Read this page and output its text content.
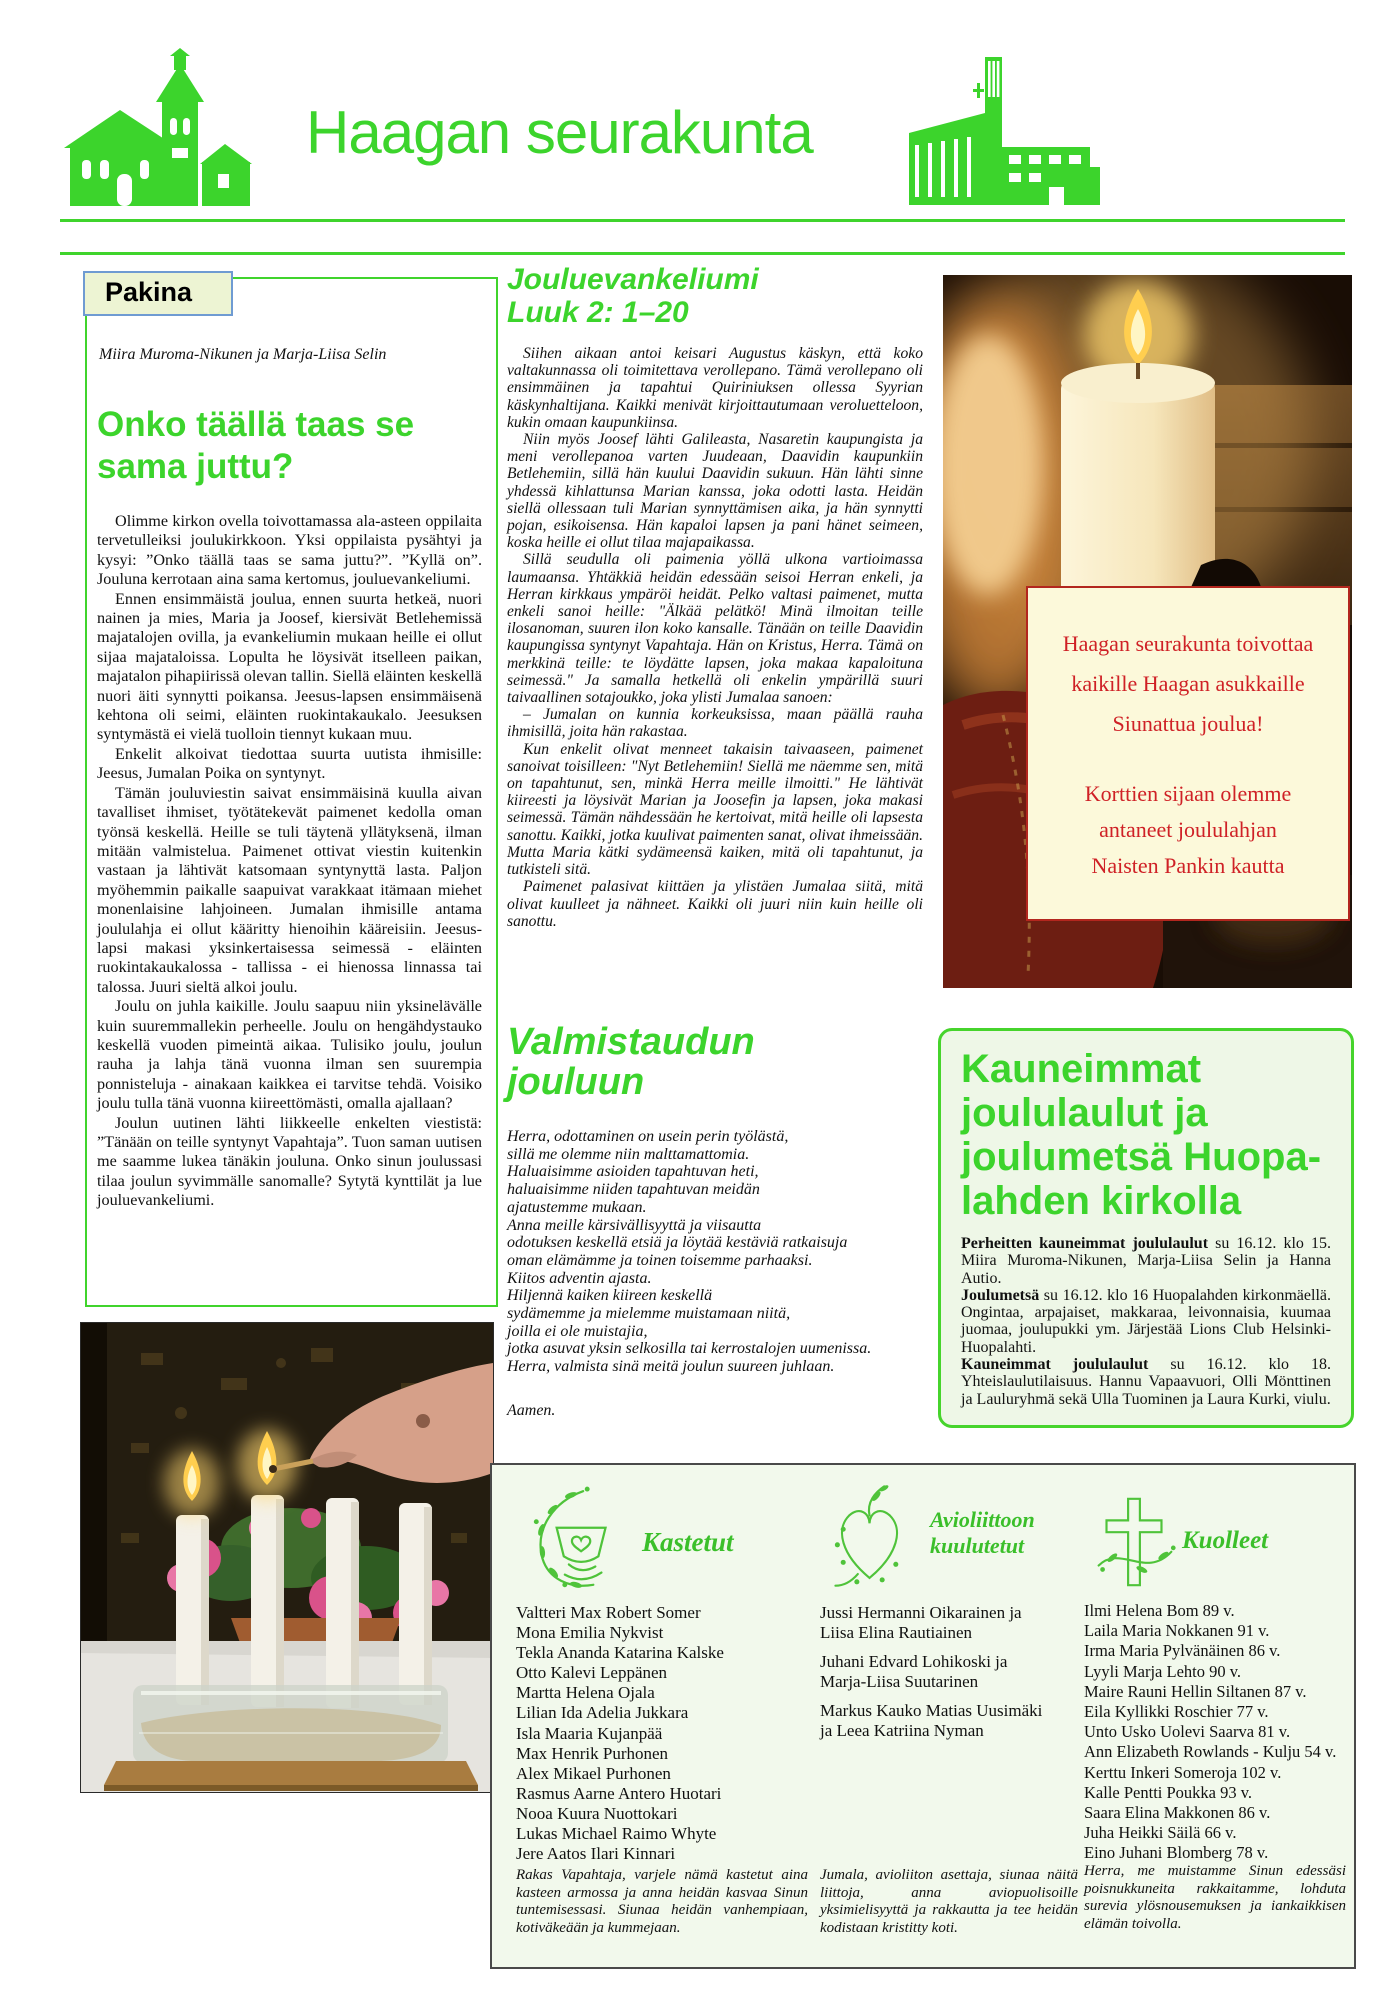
Haagan seurakunta
Pakina
Miira Muroma-Nikunen ja Marja-Liisa Selin
Onko täällä taas se sama juttu?

Olimme kirkon ovella toivottamassa ala-asteen oppilaita tervetulleiksi joulukirkkoon. Yksi oppilaista pysähtyi ja kysyi: ”Onko täällä taas se sama juttu?”. ”Kyllä on”. Jouluna kerrotaan aina sama kertomus, jouluevankeliumi.

Ennen ensimmäistä joulua, ennen suurta hetkeä, nuori nainen ja mies, Maria ja Joosef, kiersivät Betlehemissä majatalojen ovilla, ja evankeliumin mukaan heille ei ollut sijaa majataloissa. Lopulta he löysivät itselleen paikan, majatalon pihapiirissä olevan tallin. Siellä eläinten keskellä nuori äiti synnytti poikansa. Jeesus-lapsen ensimmäisenä kehtona oli seimi, eläinten ruokintakaukalo. Jeesuksen syntymästä ei vielä tuolloin tiennyt kukaan muu.

Enkelit alkoivat tiedottaa suurta uutista ihmisille: Jeesus, Jumalan Poika on syntynyt.

Tämän jouluviestin saivat ensimmäisinä kuulla aivan tavalliset ihmiset, työtätekevät paimenet kedolla oman työnsä keskellä. Heille se tuli täytenä yllätyksenä, ilman mitään valmistelua. Paimenet ottivat viestin kuitenkin vastaan ja lähtivät katsomaan syntynyttä lasta. Paljon myöhemmin paikalle saapuivat varakkaat itämaan miehet monenlaisine lahjoineen. Jumalan ihmisille antama joululahja ei ollut kääritty hienoihin kääreisiin. Jeesus-lapsi makasi yksinkertaisessa seimessä - eläinten ruokintakaukalossa - tallissa - ei hienossa linnassa tai talossa. Juuri sieltä alkoi joulu.

Joulu on juhla kaikille. Joulu saapuu niin yksinelävälle kuin suuremmallekin perheelle. Joulu on hengähdystauko keskellä vuoden pimeintä aikaa. Tulisiko joulu, joulun rauha ja lahja tänä vuonna ilman sen suurempia ponnisteluja - ainakaan kaikkea ei tarvitse tehdä. Voisiko joulu tulla tänä vuonna kiireettömästi, omalla ajallaan?

Joulun uutinen lähti liikkeelle enkelten viestistä: ”Tänään on teille syntynyt Vapahtaja”. Tuon saman uutisen me saamme lukea tänäkin jouluna. Onko sinun joulussasi tilaa joulun syvimmälle sanomalle? Sytytä kynttilät ja lue jouluevankeliumi.

Jouluevankeliumi
Luuk 2: 1–20

Siihen aikaan antoi keisari Augustus käskyn, että koko valtakunnassa oli toimitettava verollepano. Tämä verollepano oli ensimmäinen ja tapahtui Quiriniuksen ollessa Syyrian käskynhaltijana. Kaikki menivät kirjoittautumaan veroluetteloon, kukin omaan kaupunkiinsa.

Niin myös Joosef lähti Galileasta, Nasaretin kaupungista ja meni verollepanoa varten Juudeaan, Daavidin kaupunkiin Betlehemiin, sillä hän kuului Daavidin sukuun. Hän lähti sinne yhdessä kihlattunsa Marian kanssa, joka odotti lasta. Heidän siellä ollessaan tuli Marian synnyttämisen aika, ja hän synnytti pojan, esikoisensa. Hän kapaloi lapsen ja pani hänet seimeen, koska heille ei ollut tilaa majapaikassa.

Sillä seudulla oli paimenia yöllä ulkona vartioimassa laumaansa. Yhtäkkiä heidän edessään seisoi Herran enkeli, ja Herran kirkkaus ympäröi heidät. Pelko valtasi paimenet, mutta enkeli sanoi heille: "Älkää pelätkö! Minä ilmoitan teille ilosanoman, suuren ilon koko kansalle. Tänään on teille Daavidin kaupungissa syntynyt Vapahtaja. Hän on Kristus, Herra. Tämä on merkkinä teille: te löydätte lapsen, joka makaa kapaloituna seimessä." Ja samalla hetkellä oli enkelin ympärillä suuri taivaallinen sotajoukko, joka ylisti Jumalaa sanoen:

– Jumalan on kunnia korkeuksissa, maan päällä rauha ihmisillä, joita hän rakastaa.

Kun enkelit olivat menneet takaisin taivaaseen, paimenet sanoivat toisilleen: "Nyt Betlehemiin! Siellä me näemme sen, mitä on tapahtunut, sen, minkä Herra meille ilmoitti." He lähtivät kiireesti ja löysivät Marian ja Joosefin ja lapsen, joka makasi seimessä. Tämän nähdessään he kertoivat, mitä heille oli lapsesta sanottu. Kaikki, jotka kuulivat paimenten sanat, olivat ihmeissään. Mutta Maria kätki sydämeensä kaiken, mitä oli tapahtunut, ja tutkisteli sitä.

Paimenet palasivat kiittäen ja ylistäen Jumalaa siitä, mitä olivat kuulleet ja nähneet. Kaikki oli juuri niin kuin heille oli sanottu.

Valmistaudun
jouluun
Herra, odottaminen on usein perin työlästä,
sillä me olemme niin malttamattomia.
Haluaisimme asioiden tapahtuvan heti,
haluaisimme niiden tapahtuvan meidän
ajatustemme mukaan.
Anna meille kärsivällisyyttä ja viisautta
odotuksen keskellä etsiä ja löytää kestäviä ratkaisuja
oman elämämme ja toinen toisemme parhaaksi.
Kiitos adventin ajasta.
Hiljennä kaiken kiireen keskellä
sydämemme ja mielemme muistamaan niitä,
joilla ei ole muistajia,
jotka asuvat yksin selkosilla tai kerrostalojen uumenissa.
Herra, valmista sinä meitä joulun suureen juhlaan.
Aamen.
Haagan seurakunta toivottaa
kaikille Haagan asukkaille
Siunattua joulua!
Korttien sijaan olemme
antaneet joululahjan
Naisten Pankin kautta
Kauneimmat
joululaulut ja
joulumetsä Huopa-
lahden kirkolla
Perheitten kauneimmat joululaulut su 16.12. klo 15. Miira Muroma-Nikunen, Marja-Liisa Selin ja Hanna Autio.
Joulumetsä su 16.12. klo 16 Huopalahden kirkonmäellä. Ongintaa, arpajaiset, makkaraa, leivonnaisia, kuumaa juomaa, joulupukki ym. Järjestää Lions Club Helsinki-Huopalahti.
Kauneimmat joululaulut su 16.12. klo 18. Yhteislaulutilaisuus. Hannu Vapaavuori, Olli Mönttinen ja Lauluryhmä sekä Ulla Tuominen ja Laura Kurki, viulu.
Kastetut
Valtteri Max Robert Somer
Mona Emilia Nykvist
Tekla Ananda Katarina Kalske
Otto Kalevi Leppänen
Martta Helena Ojala
Lilian Ida Adelia Jukkara
Isla Maaria Kujanpää
Max Henrik Purhonen
Alex Mikael Purhonen
Rasmus Aarne Antero Huotari
Nooa Kuura Nuottokari
Lukas Michael Raimo Whyte
Jere Aatos Ilari Kinnari
Rakas Vapahtaja, varjele nämä kastetut aina kasteen armossa ja anna heidän kasvaa Sinun tuntemisessasi. Siunaa heidän vanhempiaan, kotiväkeään ja kummejaan.
Avioliittoon
kuulutetut
Jussi Hermanni Oikarainen ja
Liisa Elina Rautiainen
Juhani Edvard Lohikoski ja
Marja-Liisa Suutarinen
Markus Kauko Matias Uusimäki
ja Leea Katriina Nyman
Jumala, avioliiton asettaja, siunaa näitä liittoja, anna aviopuolisoille yksimielisyyttä ja rakkautta ja tee heidän kodistaan kristitty koti.
Kuolleet
Ilmi Helena Bom 89 v.
Laila Maria Nokkanen 91 v.
Irma Maria Pylvänäinen 86 v.
Lyyli Marja Lehto 90 v.
Maire Rauni Hellin Siltanen 87 v.
Eila Kyllikki Roschier 77 v.
Unto Usko Uolevi Saarva 81 v.
Ann Elizabeth Rowlands - Kulju 54 v.
Kerttu Inkeri Someroja 102 v.
Kalle Pentti Poukka 93 v.
Saara Elina Makkonen 86 v.
Juha Heikki Säilä 66 v.
Eino Juhani Blomberg 78 v.
Herra, me muistamme Sinun edessäsi poisnukkuneita rakkaitamme, lohduta surevia ylösnousemuksen ja iankaikkisen elämän toivolla.
